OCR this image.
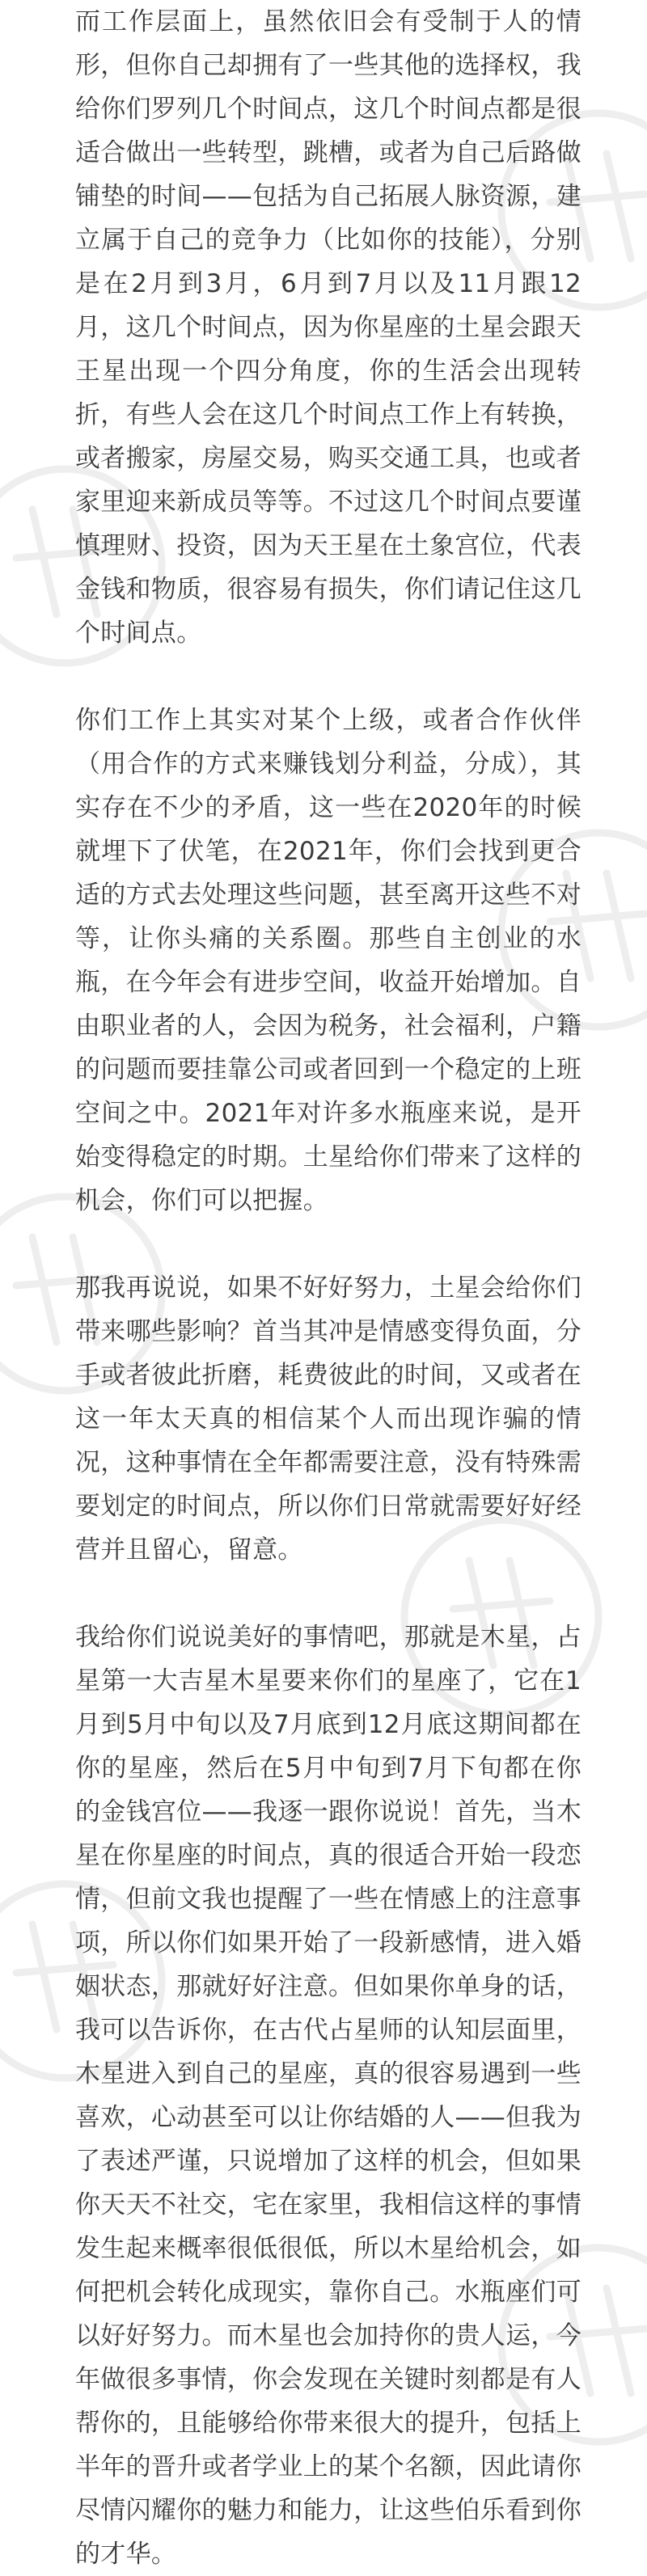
而工作层面上，虽然依旧会有受制于人的情形，但你自己却拥有了一些其他的选择权，我给你们罗列几个时间点，这几个时间点都是很适合做出一些转型，跳槽，或者为自己后路做铺垫的时间——包括为自己拓展人脉资源，建立属于自己的竞争力（比如你的技能），分别是在2月到3月，6月到7月以及11月跟12月，这几个时间点，因为你星座的土星会跟天王星出现一个四分角度，你的生活会出现转折，有些人会在这几个时间点工作上有转换，或者搬家，房屋交易，购买交通工具，也或者家里迎来新成员等等。不过这几个时间点要谨慎理财、投资，因为天王星在土象宫位，代表金钱和物质，很容易有损失，你们请记住这几个时间点。

你们工作上其实对某个上级，或者合作伙伴（用合作的方式来赚钱划分利益，分成），其实存在不少的矛盾，这一些在2020年的时候就埋下了伏笔，在2021年，你们会找到更合适的方式去处理这些问题，甚至离开这些不对等，让你头痛的关系圈。那些自主创业的水瓶，在今年会有进步空间，收益开始增加。自由职业者的人，会因为税务，社会福利，户籍的问题而要挂靠公司或者回到一个稳定的上班空间之中。2021年对许多水瓶座来说，是开始变得稳定的时期。土星给你们带来了这样的机会，你们可以把握。

那我再说说，如果不好好努力，土星会给你们带来哪些影响？首当其冲是情感变得负面，分手或者彼此折磨，耗费彼此的时间，又或者在这一年太天真的相信某个人而出现诈骗的情况，这种事情在全年都需要注意，没有特殊需要划定的时间点，所以你们日常就需要好好经营并且留心，留意。

我给你们说说美好的事情吧，那就是木星，占星第一大吉星木星要来你们的星座了，它在1月到5月中旬以及7月底到12月底这期间都在你的星座，然后在5月中旬到7月下旬都在你的金钱宫位——我逐一跟你说说！首先，当木星在你星座的时间点，真的很适合开始一段恋情，但前文我也提醒了一些在情感上的注意事项，所以你们如果开始了一段新感情，进入婚姻状态，那就好好注意。但如果你单身的话，我可以告诉你，在古代占星师的认知层面里，木星进入到自己的星座，真的很容易遇到一些喜欢，心动甚至可以让你结婚的人——但我为了表述严谨，只说增加了这样的机会，但如果你天天不社交，宅在家里，我相信这样的事情发生起来概率很低很低，所以木星给机会，如何把机会转化成现实，靠你自己。水瓶座们可以好好努力。而木星也会加持你的贵人运，今年做很多事情，你会发现在关键时刻都是有人帮你的，且能够给你带来很大的提升，包括上半年的晋升或者学业上的某个名额，因此请你尽情闪耀你的魅力和能力，让这些伯乐看到你的才华。
